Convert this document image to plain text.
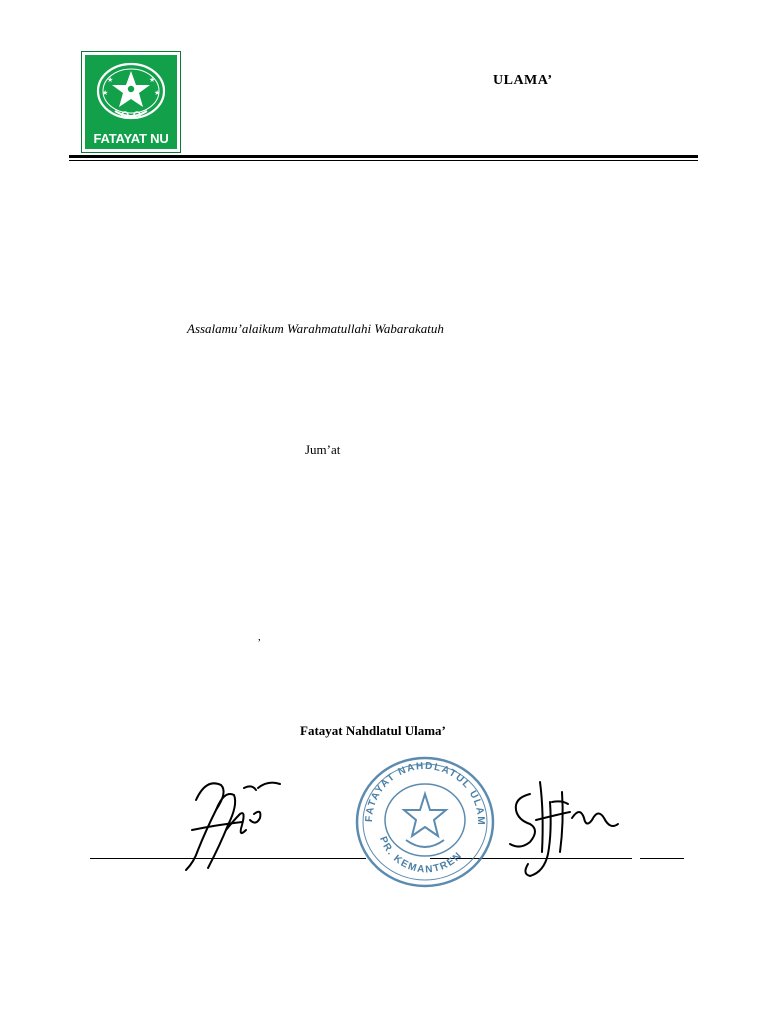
★	★
★	★
FATAYAT NU
ULAMA’
Assalamu’alaikum Warahmatullahi Wabarakatuh
Jum’at
,
Fatayat Nahdlatul Ulama’
FATAYAT NAHDLATUL ULAMA
PR. KEMANTREN
